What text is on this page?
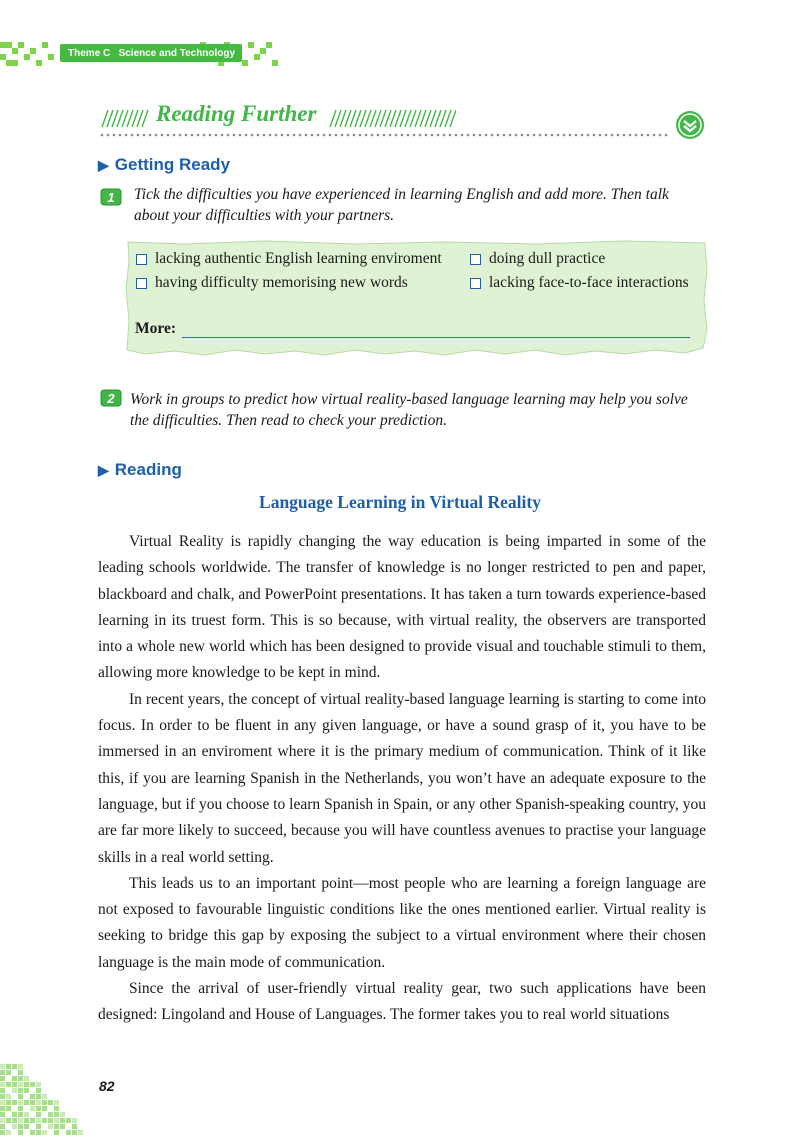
Theme C   Science and Technology
Reading Further
▶ Getting Ready
1 Tick the difficulties you have experienced in learning English and add more. Then talk about your difficulties with your partners.
lacking authentic English learning enviroment	doing dull practice
having difficulty memorising new words	lacking face-to-face interactions
More:
2 Work in groups to predict how virtual reality-based language learning may help you solve the difficulties. Then read to check your prediction.
▶ Reading
Language Learning in Virtual Reality

Virtual Reality is rapidly changing the way education is being imparted in some of the leading schools worldwide. The transfer of knowledge is no longer restricted to pen and paper, blackboard and chalk, and PowerPoint presentations. It has taken a turn towards experience-based learning in its truest form. This is so because, with virtual reality, the observers are transported into a whole new world which has been designed to provide visual and touchable stimuli to them, allowing more knowledge to be kept in mind.

In recent years, the concept of virtual reality-based language learning is starting to come into focus. In order to be fluent in any given language, or have a sound grasp of it, you have to be immersed in an enviroment where it is the primary medium of communication. Think of it like this, if you are learning Spanish in the Netherlands, you won’t have an adequate exposure to the language, but if you choose to learn Spanish in Spain, or any other Spanish-speaking country, you are far more likely to succeed, because you will have countless avenues to practise your language skills in a real world setting.

This leads us to an important point—most people who are learning a foreign language are not exposed to favourable linguistic conditions like the ones mentioned earlier. Virtual reality is seeking to bridge this gap by exposing the subject to a virtual environment where their chosen language is the main mode of communication.

Since the arrival of user-friendly virtual reality gear, two such applications have been designed: Lingoland and House of Languages. The former takes you to real world situations

82
